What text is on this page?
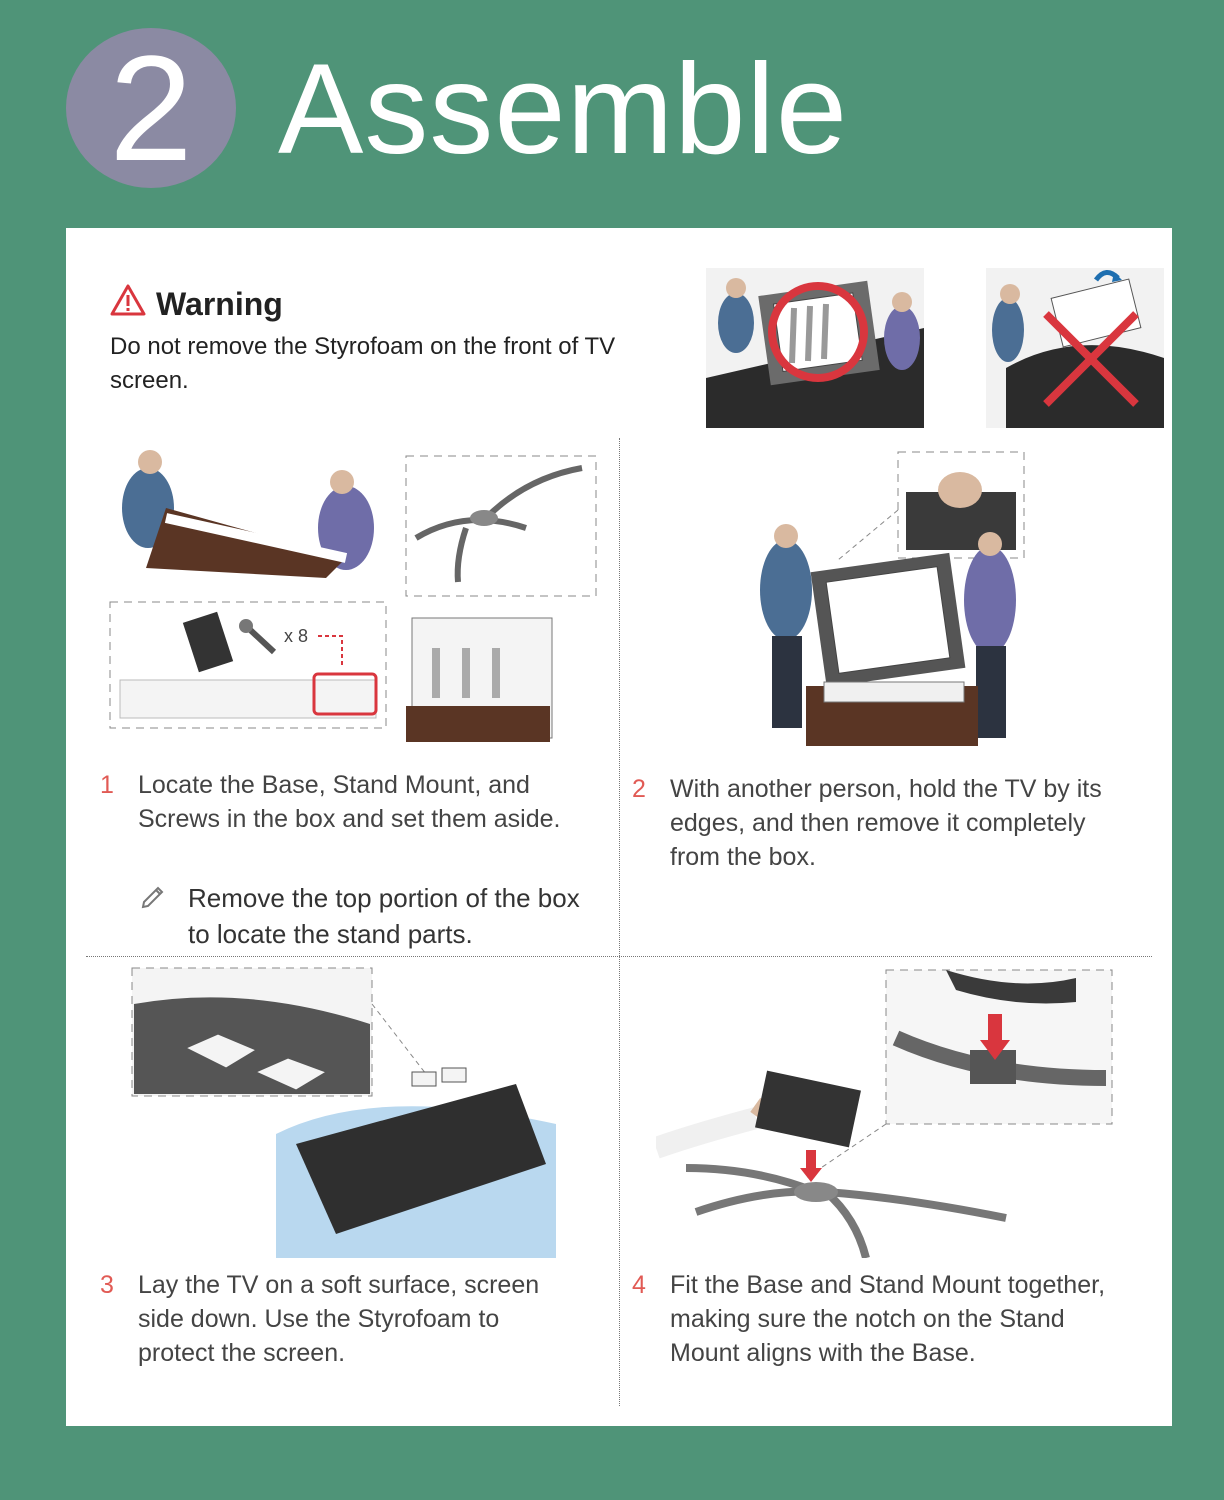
2 Assemble
Warning
Do not remove the Styrofoam on the front of TV screen.
x 8
1 Locate the Base, Stand Mount, and Screws in the box and set them aside.
Remove the top portion of the box to locate the stand parts.
2 With another person, hold the TV by its edges, and then remove it completely from the box.
3 Lay the TV on a soft surface, screen side down. Use the Styrofoam to protect the screen.
4 Fit the Base and Stand Mount together, making sure the notch on the Stand Mount aligns with the Base.
